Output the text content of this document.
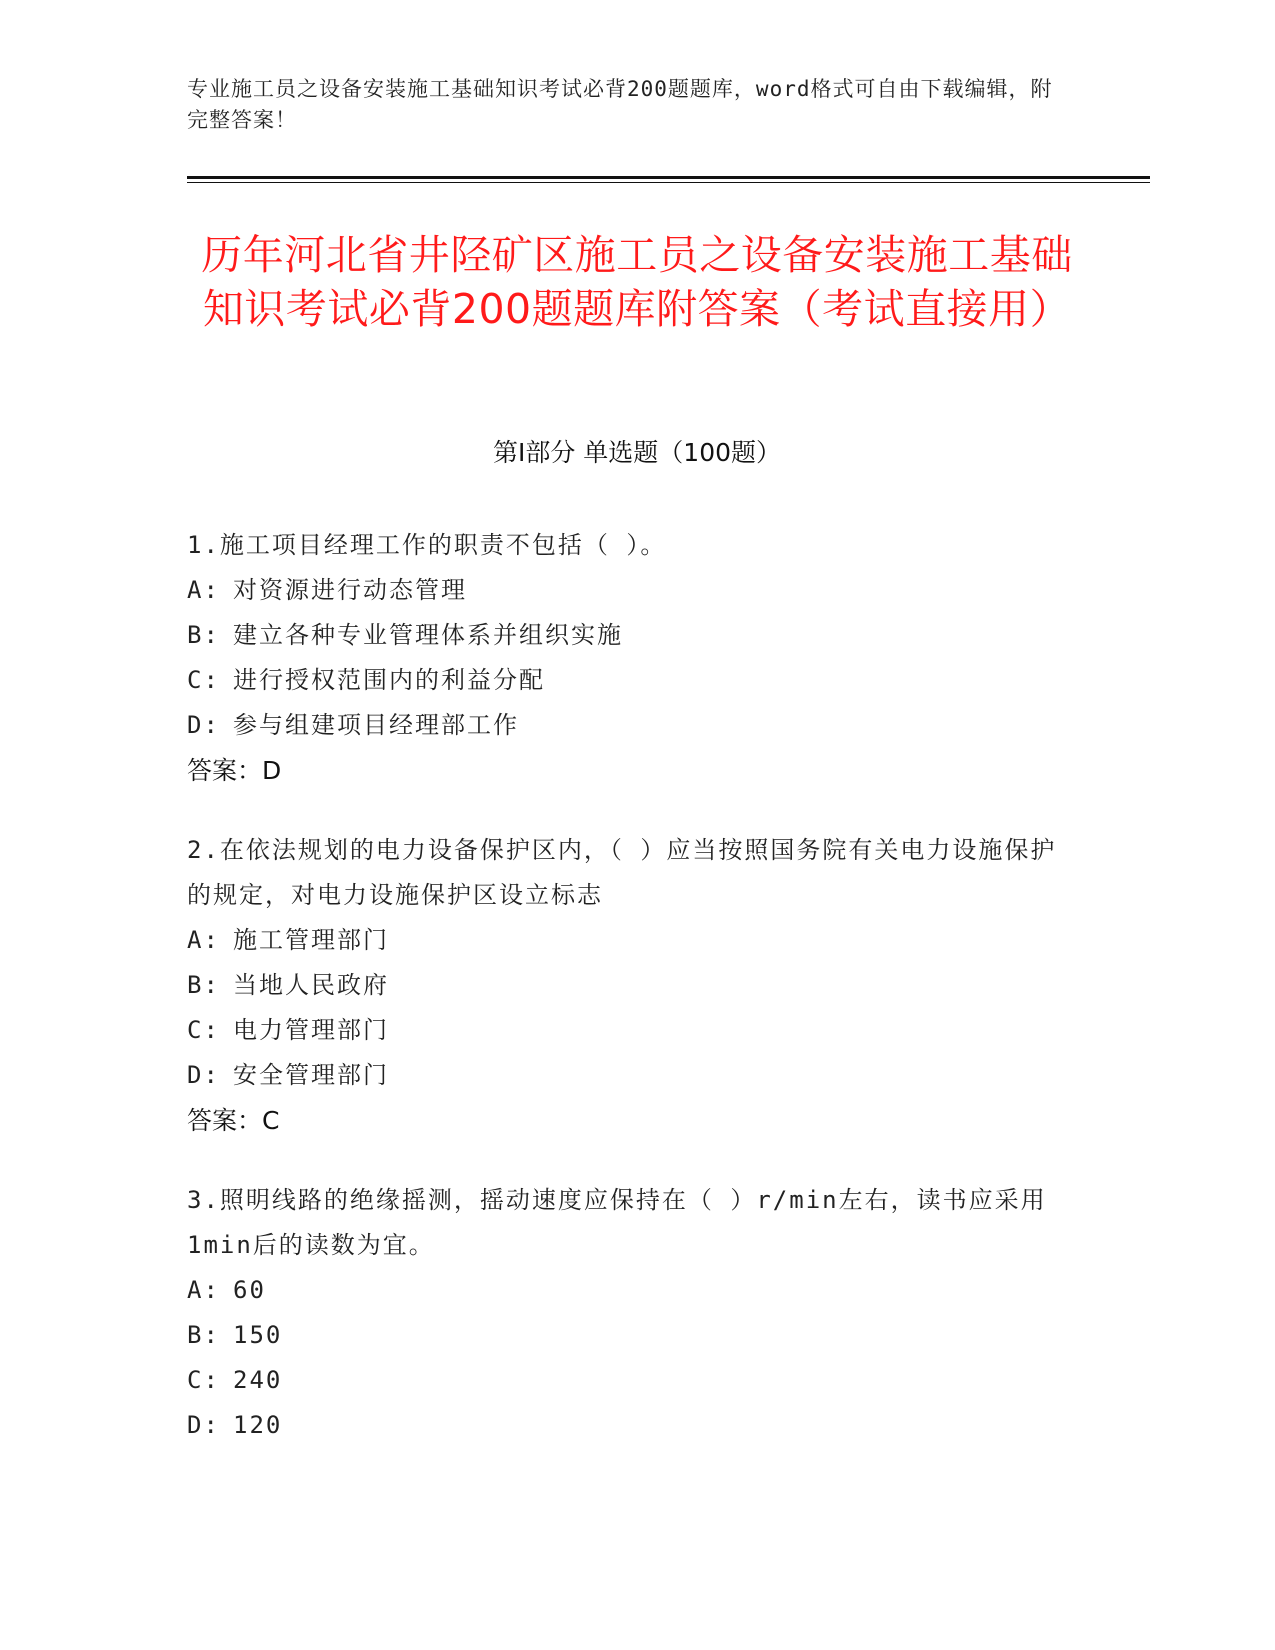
专业施工员之设备安装施工基础知识考试必背200题题库，word格式可自由下载编辑，附完整答案！
历年河北省井陉矿区施工员之设备安装施工基础知识考试必背200题题库附答案（考试直接用）
第Ⅰ部分 单选题（100题）
1.施工项目经理工作的职责不包括（ ）。
A: 对资源进行动态管理
B: 建立各种专业管理体系并组织实施
C: 进行授权范围内的利益分配
D: 参与组建项目经理部工作
答案：D
2.在依法规划的电力设备保护区内，（ ）应当按照国务院有关电力设施保护的规定，对电力设施保护区设立标志
A: 施工管理部门
B: 当地人民政府
C: 电力管理部门
D: 安全管理部门
答案：C
3.照明线路的绝缘摇测，摇动速度应保持在（ ）r/min左右，读书应采用1min后的读数为宜。
A: 60
B: 150
C: 240
D: 120
